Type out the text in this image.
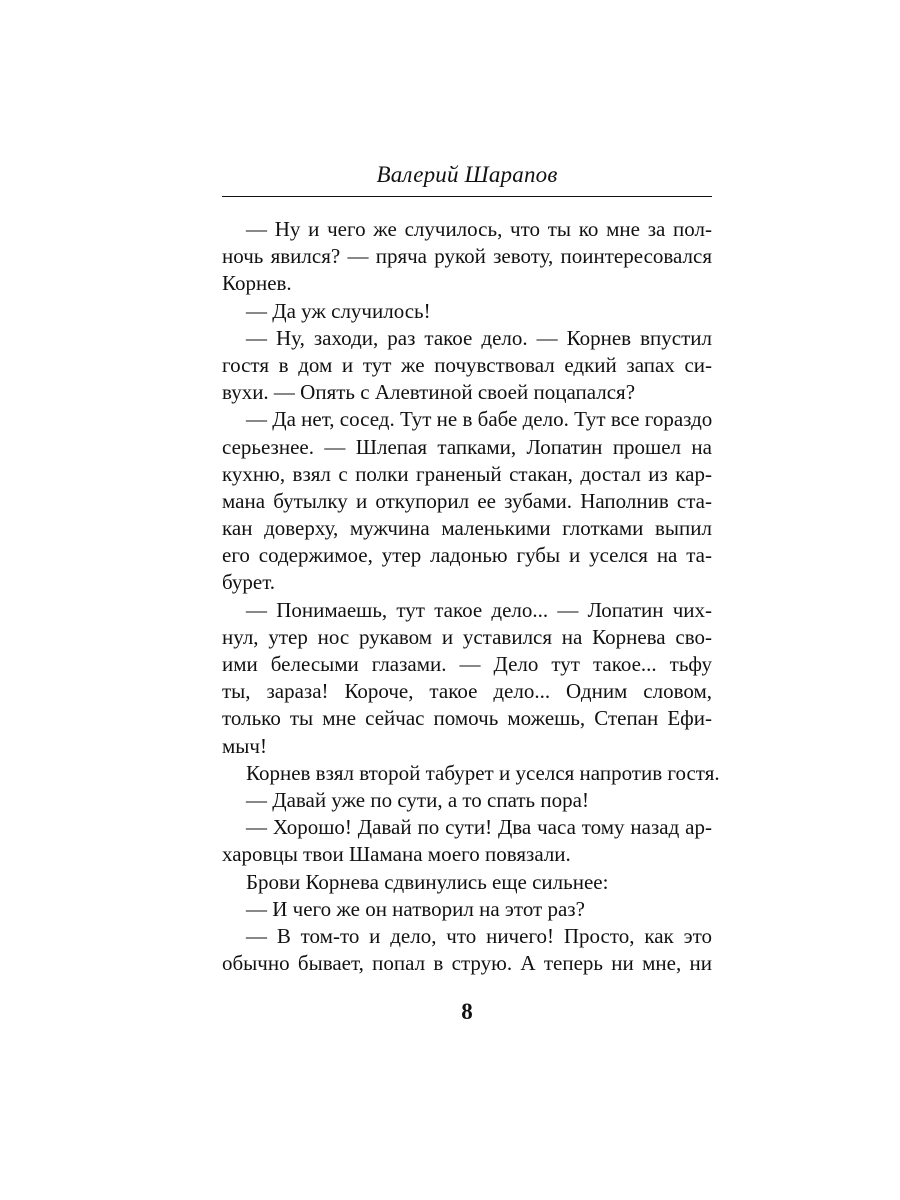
Валерий Шарапов
— Ну и чего же случилось, что ты ко мне за пол-
ночь явился? — пряча рукой зевоту, поинтересовался
Корнев.
— Да уж случилось!
— Ну, заходи, раз такое дело. — Корнев впустил
гостя в дом и тут же почувствовал едкий запах си-
вухи. — Опять с Алевтиной своей поцапался?
— Да нет, сосед. Тут не в бабе дело. Тут все гораздо
серьезнее. — Шлепая тапками, Лопатин прошел на
кухню, взял с полки граненый стакан, достал из кар-
мана бутылку и откупорил ее зубами. Наполнив ста-
кан доверху, мужчина маленькими глотками выпил
его содержимое, утер ладонью губы и уселся на та-
бурет.
— Понимаешь, тут такое дело... — Лопатин чих-
нул, утер нос рукавом и уставился на Корнева сво-
ими белесыми глазами. — Дело тут такое... тьфу
ты, зараза! Короче, такое дело... Одним словом,
только ты мне сейчас помочь можешь, Степан Ефи-
мыч!
Корнев взял второй табурет и уселся напротив гостя.
— Давай уже по сути, а то спать пора!
— Хорошо! Давай по сути! Два часа тому назад ар-
харовцы твои Шамана моего повязали.
Брови Корнева сдвинулись еще сильнее:
— И чего же он натворил на этот раз?
— В том-то и дело, что ничего! Просто, как это
обычно бывает, попал в струю. А теперь ни мне, ни
8
